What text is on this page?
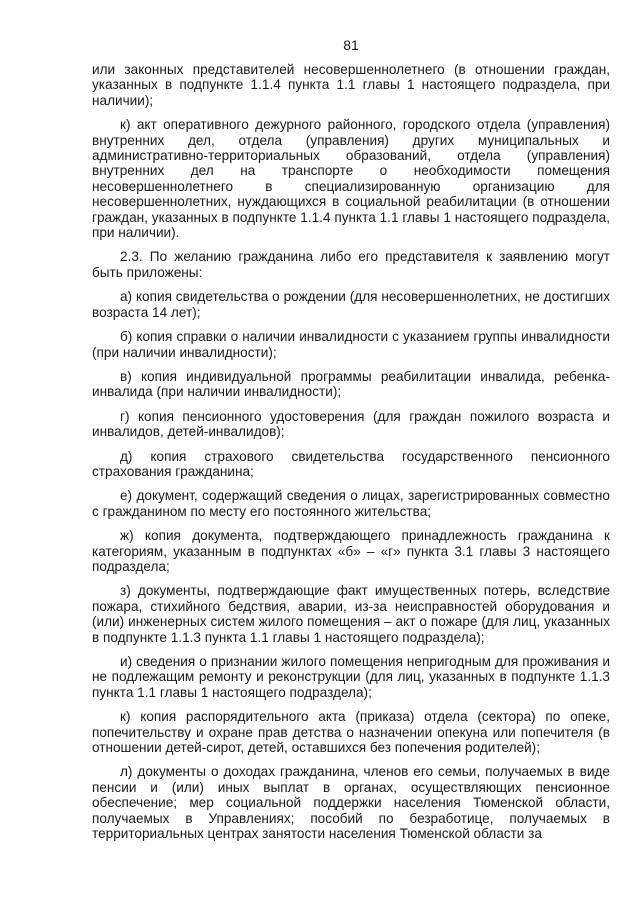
81

или законных представителей несовершеннолетнего (в отношении граждан, указанных в подпункте 1.1.4 пункта 1.1 главы 1 настоящего подраздела, при наличии);

к) акт оперативного дежурного районного, городского отдела (управления) внутренних дел, отдела (управления) других муниципальных и административно-территориальных образований, отдела (управления) внутренних дел на транспорте о необходимости помещения несовершеннолетнего в специализированную организацию для несовершеннолетних, нуждающихся в социальной реабилитации (в отношении граждан, указанных в подпункте 1.1.4 пункта 1.1 главы 1 настоящего подраздела, при наличии).

2.3. По желанию гражданина либо его представителя к заявлению могут быть приложены:

а) копия свидетельства о рождении (для несовершеннолетних, не достигших возраста 14 лет);

б) копия справки о наличии инвалидности с указанием группы инвалидности (при наличии инвалидности);

в) копия индивидуальной программы реабилитации инвалида, ребенка-инвалида (при наличии инвалидности);

г) копия пенсионного удостоверения (для граждан пожилого возраста и инвалидов, детей-инвалидов);

д) копия страхового свидетельства государственного пенсионного страхования гражданина;

е) документ, содержащий сведения о лицах, зарегистрированных совместно с гражданином по месту его постоянного жительства;

ж) копия документа, подтверждающего принадлежность гражданина к категориям, указанным в подпунктах «б» – «г» пункта 3.1 главы 3 настоящего подраздела;

з) документы, подтверждающие факт имущественных потерь, вследствие пожара, стихийного бедствия, аварии, из-за неисправностей оборудования и (или) инженерных систем жилого помещения – акт о пожаре (для лиц, указанных в подпункте 1.1.3 пункта 1.1 главы 1 настоящего подраздела);

и) сведения о признании жилого помещения непригодным для проживания и не подлежащим ремонту и реконструкции (для лиц, указанных в подпункте 1.1.3 пункта 1.1 главы 1 настоящего подраздела);

к) копия распорядительного акта (приказа) отдела (сектора) по опеке, попечительству и охране прав детства о назначении опекуна или попечителя (в отношении детей-сирот, детей, оставшихся без попечения родителей);

л) документы о доходах гражданина, членов его семьи, получаемых в виде пенсии и (или) иных выплат в органах, осуществляющих пенсионное обеспечение; мер социальной поддержки населения Тюменской области, получаемых в Управлениях; пособий по безработице, получаемых в территориальных центрах занятости населения Тюменской области за
